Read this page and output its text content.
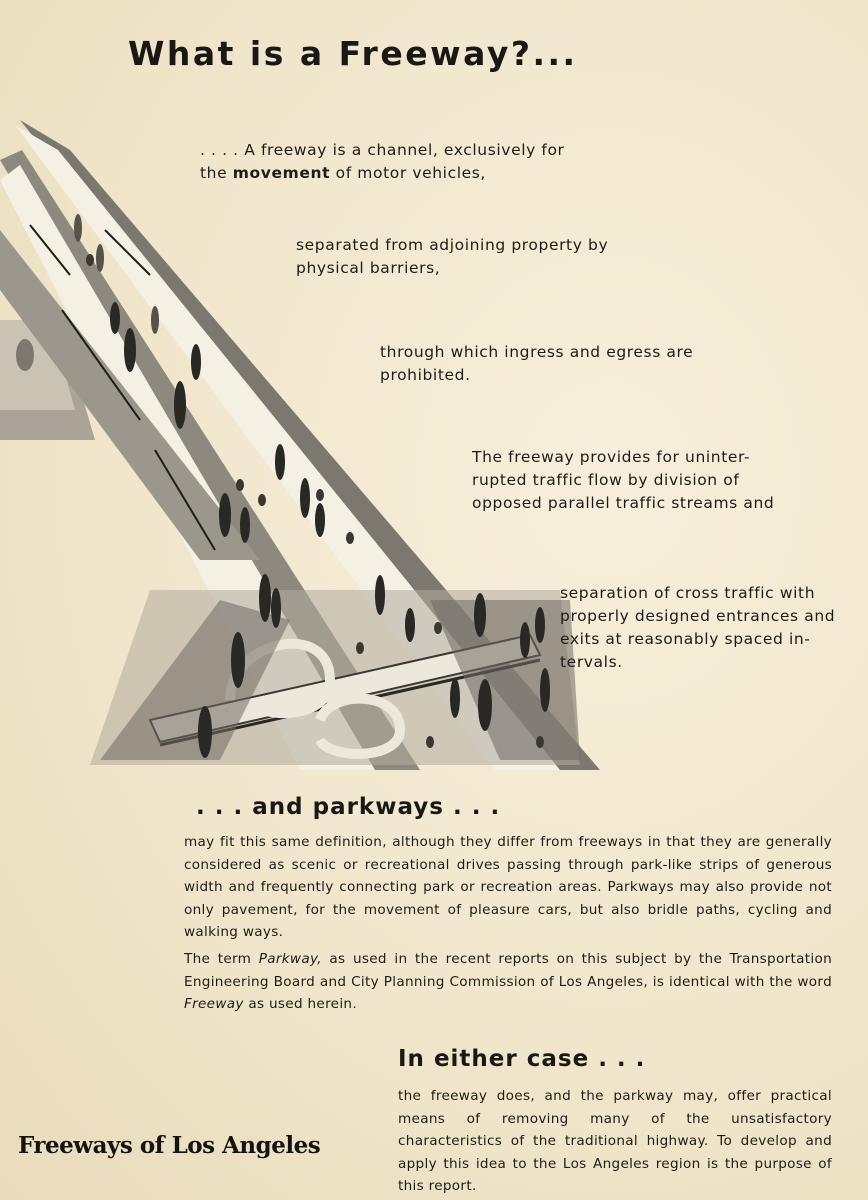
What is a Freeway?...
. . . . A freeway is a channel, exclusively for
the movement of motor vehicles,
separated from adjoining property by physical barriers,
through which ingress and egress are prohibited.
The freeway provides for uninter-rupted traffic flow by division of opposed parallel traffic streams and
separation of cross traffic with properly designed entrances and exits at reasonably spaced in-tervals.
. . . and parkways . . .

may fit this same definition, although they differ from freeways in that they are generally considered as scenic or recreational drives passing through park-like strips of generous width and frequently connecting park or recreation areas. Parkways may also provide not only pavement, for the movement of pleasure cars, but also bridle paths, cycling and walking ways.

The term Parkway, as used in the recent reports on this subject by the Transportation Engineering Board and City Planning Commission of Los Angeles, is identical with the word Freeway as used herein.

In either case . . .

the freeway does, and the parkway may, offer practical means of removing many of the unsatisfactory characteristics of the traditional highway. To develop and apply this idea to the Los Angeles region is the purpose of this report.

Freeways of Los Angeles
